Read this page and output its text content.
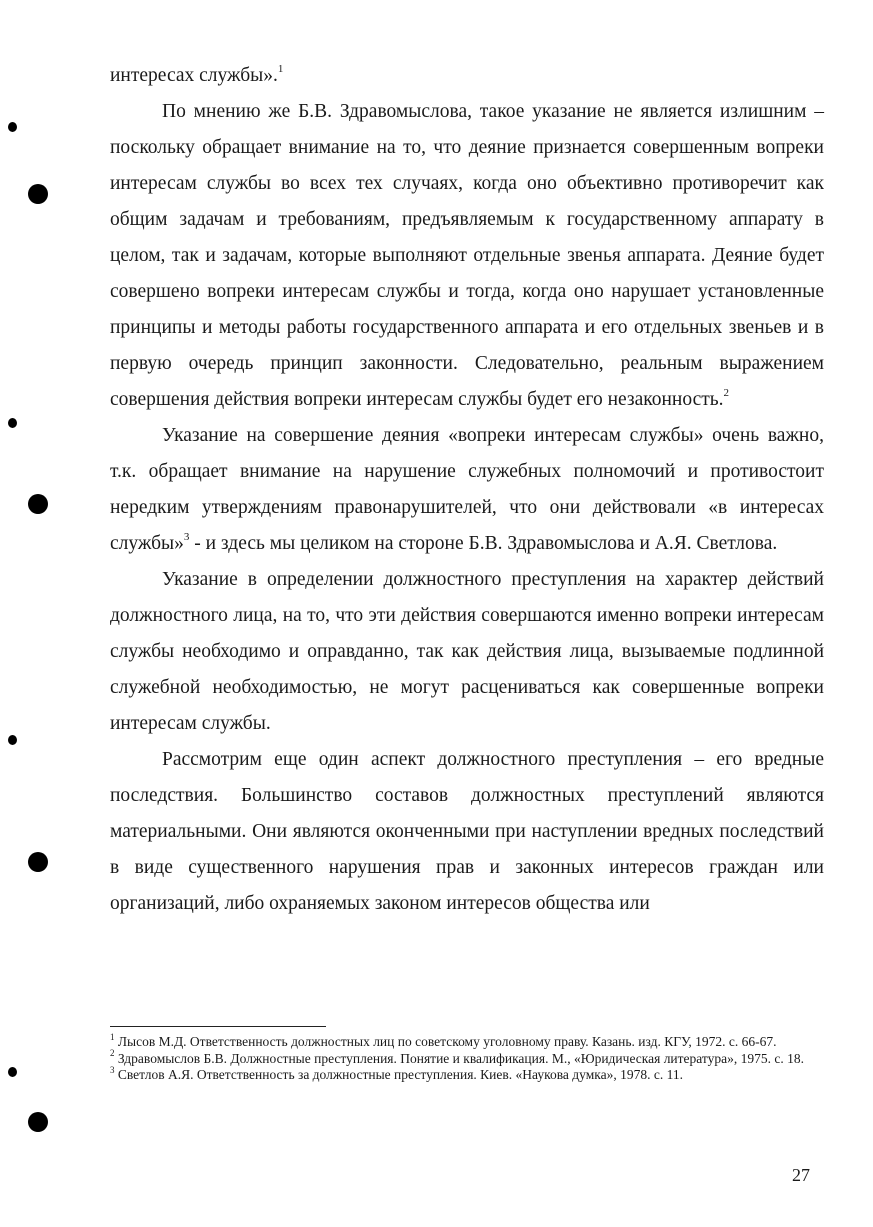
интересах службы».$^1$

По мнению же Б.В. Здравомыслова, такое указание не является излишним – поскольку обращает внимание на то, что деяние признается совершенным вопреки интересам службы во всех тех случаях, когда оно объективно противоречит как общим задачам и требованиям, предъявляемым к государственному аппарату в целом, так и задачам, которые выполняют отдельные звенья аппарата. Деяние будет совершено вопреки интересам службы и тогда, когда оно нарушает установленные принципы и методы работы государственного аппарата и его отдельных звеньев и в первую очередь принцип законности. Следовательно, реальным выражением совершения действия вопреки интересам службы будет его незаконность.$^2$

Указание на совершение деяния «вопреки интересам службы» очень важно, т.к. обращает внимание на нарушение служебных полномочий и противостоит нередким утверждениям правонарушителей, что они действовали «в интересах службы»$^3$ - и здесь мы целиком на стороне Б.В. Здравомыслова и А.Я. Светлова.

Указание в определении должностного преступления на характер действий должностного лица, на то, что эти действия совершаются именно вопреки интересам службы необходимо и оправданно, так как действия лица, вызываемые подлинной служебной необходимостью, не могут расцениваться как совершенные вопреки интересам службы.

Рассмотрим еще один аспект должностного преступления – его вредные последствия. Большинство составов должностных преступлений являются материальными. Они являются оконченными при наступлении вредных последствий в виде существенного нарушения прав и законных интересов граждан или организаций, либо охраняемых законом интересов общества или

$^1$ Лысов М.Д. Ответственность должностных лиц по советскому уголовному праву. Казань. изд. КГУ, 1972. с. 66-67.

$^2$ Здравомыслов Б.В. Должностные преступления. Понятие и квалификация. М., «Юридическая литература», 1975. с. 18.

$^3$ Светлов А.Я. Ответственность за должностные преступления. Киев. «Наукова думка», 1978. с. 11.

27
